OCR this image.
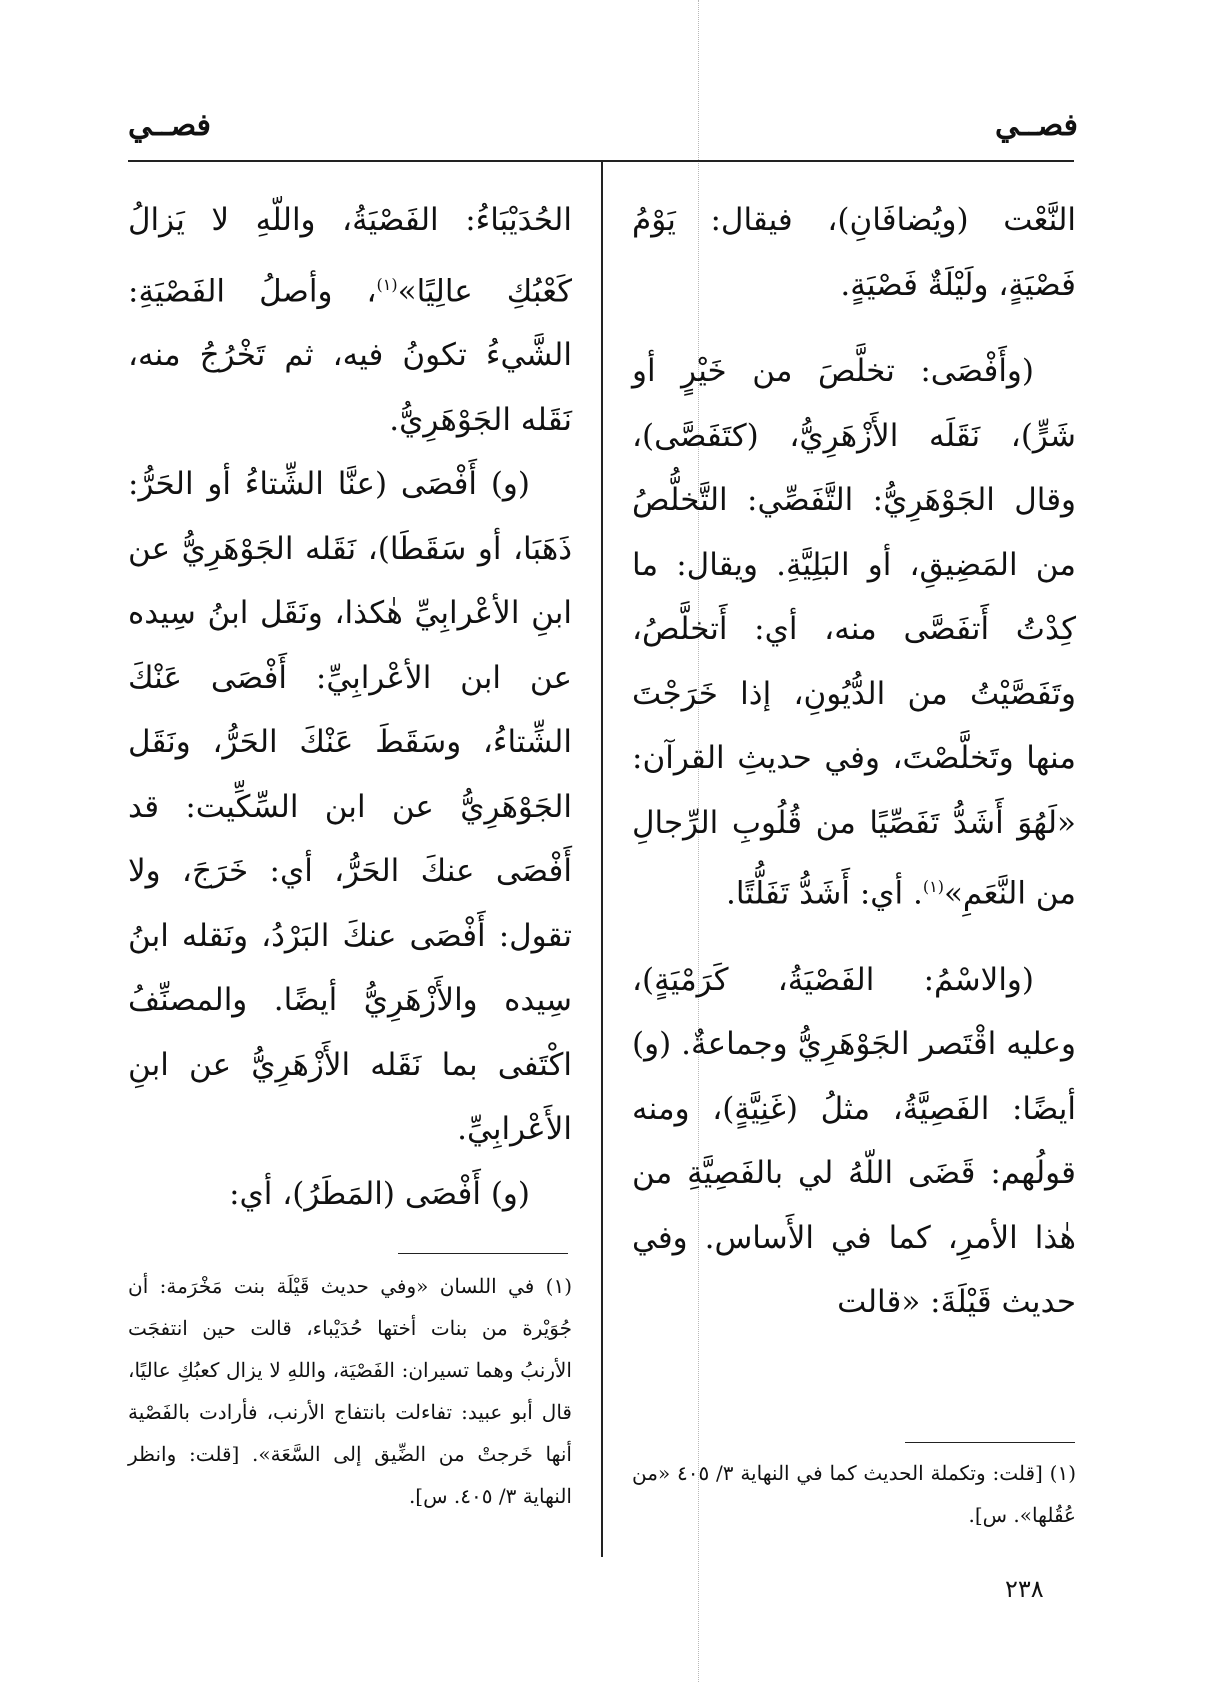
فصــي
فصــي

النَّعْت (ويُضافَانِ)، فيقال: يَوْمُ فَصْيَةٍ، ولَيْلَةٌ فَصْيَةٍ.

(وأَفْصَى: تخلَّصَ من خَيْرٍ أو شَرٍّ)، نَقَلَه الأَزْهَرِيُّ، (كتَفَصَّى)، وقال الجَوْهَرِيُّ: التَّفَصِّي: التَّخلُّصُ من المَضِيقِ، أو البَلِيَّةِ. ويقال: ما كِدْتُ أَتفَصَّى منه، أي: أَتخلَّصُ، وتَفَصَّيْتُ من الدُّيُونِ، إذا خَرَجْتَ منها وتَخلَّصْتَ، وفي حديثِ القرآن: «لَهُوَ أَشَدُّ تَفَصِّيًا من قُلُوبِ الرِّجالِ من النَّعَمِ»$^{(١)}$. أي: أَشَدُّ تَفَلُّتًا.

(والاسْمُ: الفَصْيَةُ، كَرَمْيَةٍ)، وعليه اقْتَصر الجَوْهَرِيُّ وجماعةٌ. (و) أيضًا: الفَصِيَّةُ، مثلُ (غَنِيَّةٍ)، ومنه قولُهم: قَضَى اللّهُ لي بالفَصِيَّةِ من هٰذا الأمرِ، كما في الأَساس. وفي حديث قَيْلَةَ: «قالت

الحُدَيْبَاءُ: الفَصْيَةُ، واللّهِ لا يَزالُ كَعْبُكِ عالِيًا»$^{(١)}$، وأصلُ الفَصْيَةِ: الشَّيءُ تكونُ فيه، ثم تَخْرُجُ منه، نَقَله الجَوْهَرِيُّ.

(و) أَفْصَى (عنَّا الشِّتاءُ أو الحَرُّ: ذَهَبَا، أو سَقَطَا)، نَقَله الجَوْهَرِيُّ عن ابنِ الأعْرابِيِّ هٰكذا، ونَقَل ابنُ سِيده عن ابن الأعْرابِيِّ: أَفْصَى عَنْكَ الشِّتاءُ، وسَقَطَ عَنْكَ الحَرُّ، ونَقَل الجَوْهَرِيُّ عن ابن السِّكِّيت: قد أَفْصَى عنكَ الحَرُّ، أي: خَرَجَ، ولا تقول: أَفْصَى عنكَ البَرْدُ، ونَقله ابنُ سِيده والأَزْهَرِيُّ أيضًا. والمصنِّفُ اكْتَفى بما نَقَله الأَزْهَرِيُّ عن ابنِ الأَعْرابِيِّ.

(و) أَفْصَى (المَطَرُ)، أي:

(١) [قلت: وتكملة الحديث كما في النهاية ٣/ ٤٠٥ «من عُقُلها». س].
(١) في اللسان «وفي حديث قَيْلَة بنت مَخْرَمة: أن جُوَيْرة من بنات أختها حُدَيْباء، قالت حين انتفجَت الأرنبُ وهما تسيران: الفَصْيَة، واللهِ لا يزال كعبُكِ عاليًا، قال أبو عبيد: تفاءلت بانتفاج الأرنب، فأرادت بالفَصْية أنها خَرجتْ من الضِّيق إلى السَّعَة». [قلت: وانظر النهاية ٣/ ٤٠٥. س].
٢٣٨
